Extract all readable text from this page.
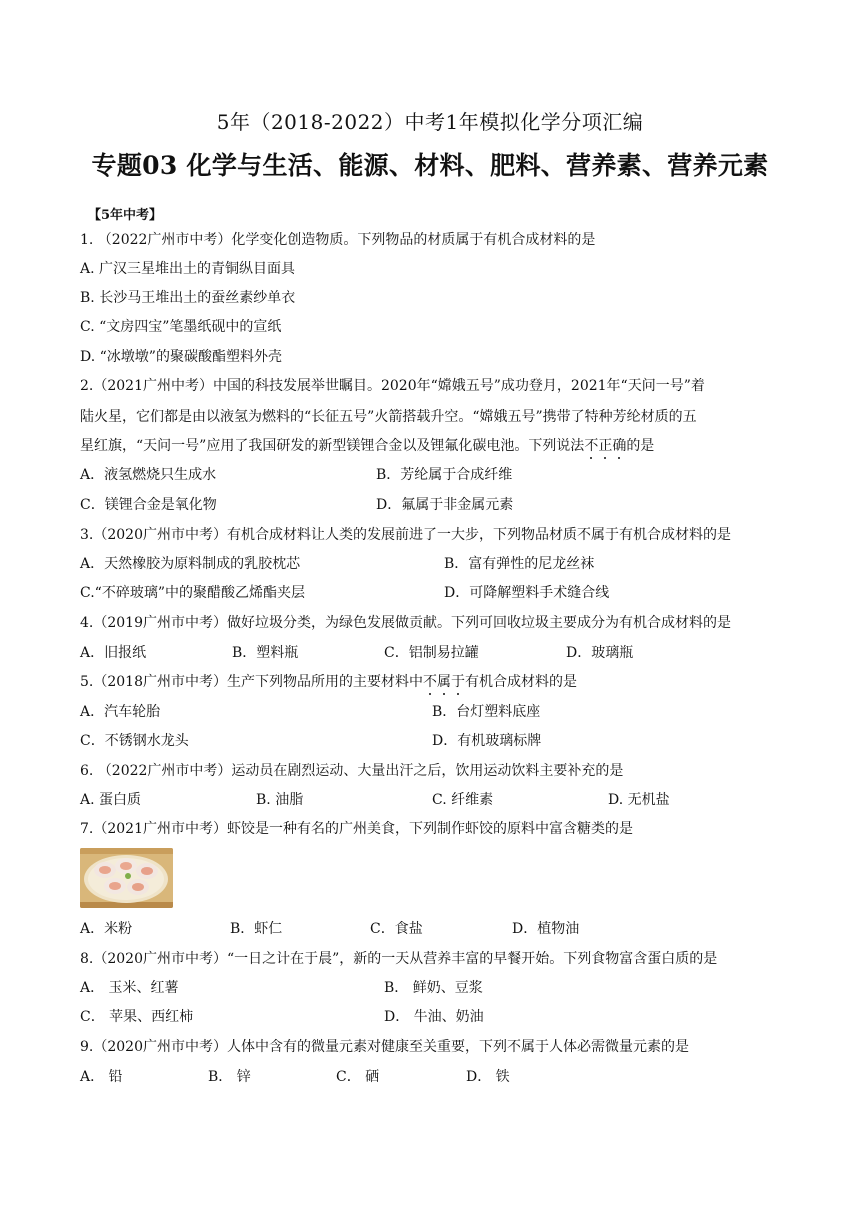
5年（2018-2022）中考1年模拟化学分项汇编
专题03 化学与生活、能源、材料、肥料、营养素、营养元素
【5年中考】
1. （2022广州市中考）化学变化创造物质。下列物品的材质属于有机合成材料的是
A. 广汉三星堆出土的青铜纵目面具
B. 长沙马王堆出土的蚕丝素纱单衣
C. “文房四宝”笔墨纸砚中的宣纸
D. “冰墩墩”的聚碳酸酯塑料外壳
2.（2021广州中考）中国的科技发展举世瞩目。2020年“嫦娥五号”成功登月，2021年“天问一号”着
陆火星，它们都是由以液氢为燃料的“长征五号”火箭搭载升空。“嫦娥五号”携带了特种芳纶材质的五
星红旗，“天问一号”应用了我国研发的新型镁锂合金以及锂氟化碳电池。下列说法不正确的是
A．液氢燃烧只生成水	B．芳纶属于合成纤维
C．镁锂合金是氧化物	D．氟属于非金属元素
3.（2020广州市中考）有机合成材料让人类的发展前进了一大步，下列物品材质不属于有机合成材料的是
A．天然橡胶为原料制成的乳胶枕芯	B．富有弹性的尼龙丝袜
C.“不碎玻璃”中的聚醋酸乙烯酯夹层	D．可降解塑料手术缝合线
4.（2019广州市中考）做好垃圾分类，为绿色发展做贡献。下列可回收垃圾主要成分为有机合成材料的是
A．旧报纸	B．塑料瓶	C．铝制易拉罐	D．玻璃瓶
5.（2018广州市中考）生产下列物品所用的主要材料中不属于有机合成材料的是
A．汽车轮胎	B．台灯塑料底座
C．不锈钢水龙头	D．有机玻璃标牌
6. （2022广州市中考）运动员在剧烈运动、大量出汗之后，饮用运动饮料主要补充的是
A. 蛋白质	B. 油脂	C. 纤维素	D. 无机盐
7.（2021广州市中考）虾饺是一种有名的广州美食，下列制作虾饺的原料中富含糖类的是
A．米粉	B．虾仁	C．食盐	D．植物油
8.（2020广州市中考）“一日之计在于晨”，新的一天从营养丰富的早餐开始。下列食物富含蛋白质的是
A． 玉米、红薯	B． 鲜奶、豆浆
C． 苹果、西红柿	D． 牛油、奶油
9.（2020广州市中考）人体中含有的微量元素对健康至关重要，下列不属于人体必需微量元素的是
A． 铅	B． 锌	C． 硒	D． 铁
